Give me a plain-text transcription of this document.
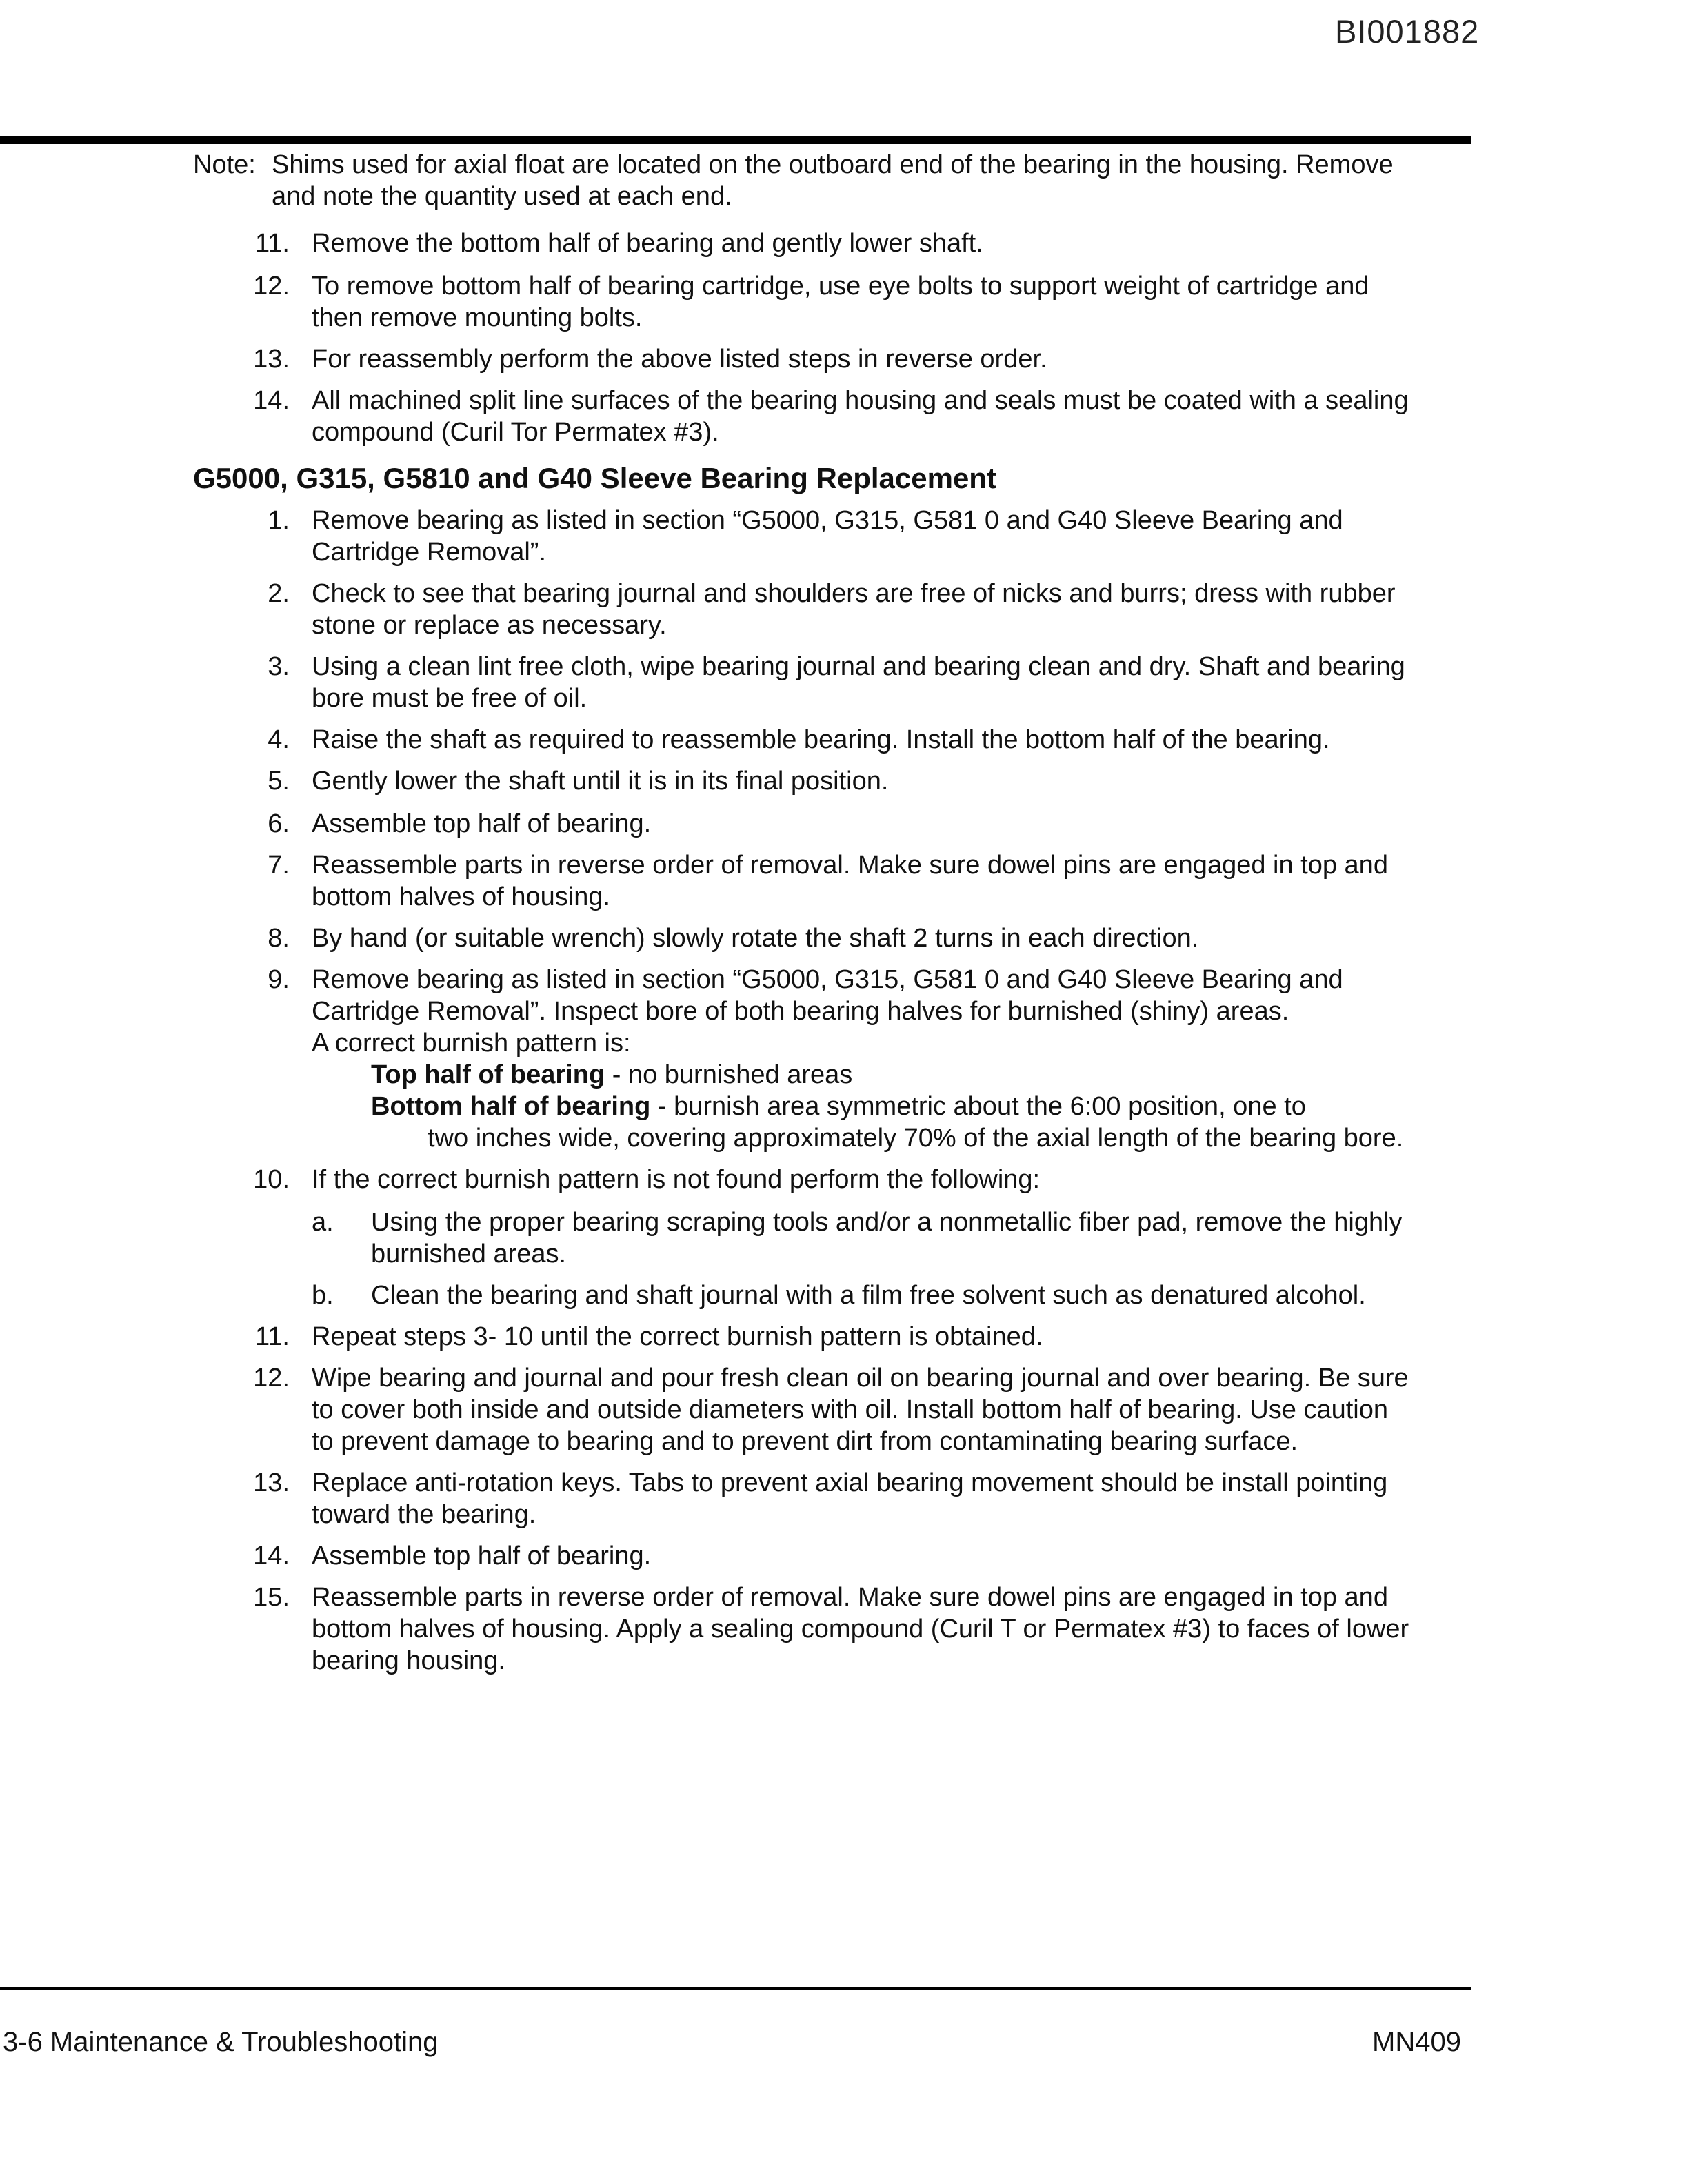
BI001882
Note: Shims used for axial float are located on the outboard end of the bearing in the housing. Remove
and note the quantity used at each end.
11. Remove the bottom half of bearing and gently lower shaft.
12. To remove bottom half of bearing cartridge, use eye bolts to support weight of cartridge and
then remove mounting bolts.
13. For reassembly perform the above listed steps in reverse order.
14. All machined split line surfaces of the bearing housing and seals must be coated with a sealing
compound (Curil Tor Permatex #3).
G5000, G315, G5810 and G40 Sleeve Bearing Replacement
1. Remove bearing as listed in section “G5000, G315, G581 0 and G40 Sleeve Bearing and
Cartridge Removal”.
2. Check to see that bearing journal and shoulders are free of nicks and burrs; dress with rubber
stone or replace as necessary.
3. Using a clean lint free cloth, wipe bearing journal and bearing clean and dry. Shaft and bearing
bore must be free of oil.
4. Raise the shaft as required to reassemble bearing. Install the bottom half of the bearing.
5. Gently lower the shaft until it is in its final position.
6. Assemble top half of bearing.
7. Reassemble parts in reverse order of removal. Make sure dowel pins are engaged in top and
bottom halves of housing.
8. By hand (or suitable wrench) slowly rotate the shaft 2 turns in each direction.
9. Remove bearing as listed in section “G5000, G315, G581 0 and G40 Sleeve Bearing and
Cartridge Removal”. Inspect bore of both bearing halves for burnished (shiny) areas.
A correct burnish pattern is:
Top half of bearing - no burnished areas
Bottom half of bearing - burnish area symmetric about the 6:00 position, one to
two inches wide, covering approximately 70% of the axial length of the bearing bore.
10. If the correct burnish pattern is not found perform the following:
a. Using the proper bearing scraping tools and/or a nonmetallic fiber pad, remove the highly
burnished areas.
b. Clean the bearing and shaft journal with a film free solvent such as denatured alcohol.
11. Repeat steps 3- 10 until the correct burnish pattern is obtained.
12. Wipe bearing and journal and pour fresh clean oil on bearing journal and over bearing. Be sure
to cover both inside and outside diameters with oil. Install bottom half of bearing. Use caution
to prevent damage to bearing and to prevent dirt from contaminating bearing surface.
13. Replace anti-rotation keys. Tabs to prevent axial bearing movement should be install pointing
toward the bearing.
14. Assemble top half of bearing.
15. Reassemble parts in reverse order of removal. Make sure dowel pins are engaged in top and
bottom halves of housing. Apply a sealing compound (Curil T or Permatex #3) to faces of lower
bearing housing.
3-6 Maintenance & Troubleshooting	MN409
